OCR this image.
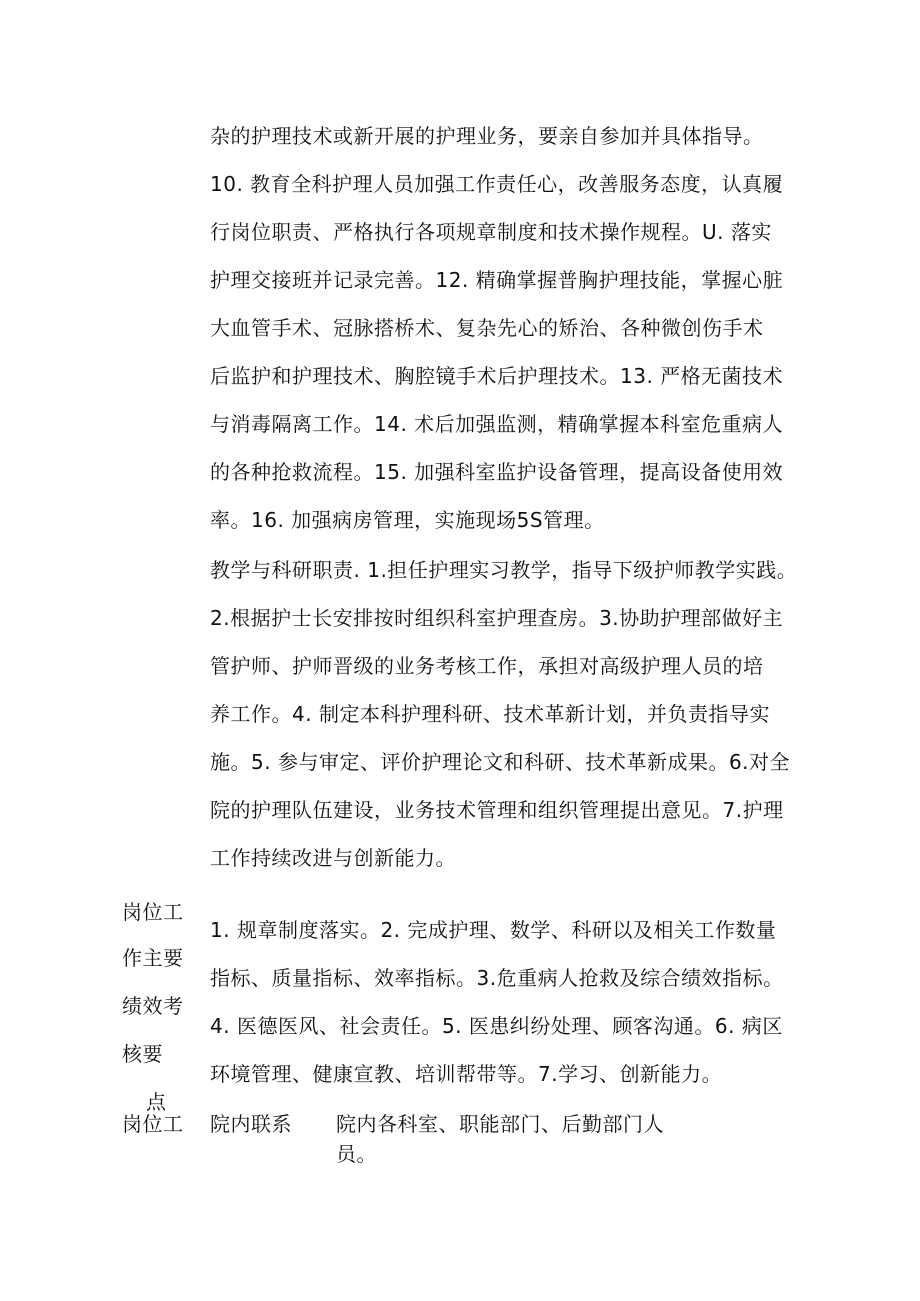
杂的护理技术或新开展的护理业务，要亲自参加并具体指导。
10. 教育全科护理人员加强工作责任心，改善服务态度，认真履
行岗位职责、严格执行各项规章制度和技术操作规程。U. 落实
护理交接班并记录完善。12. 精确掌握普胸护理技能，掌握心脏
大血管手术、冠脉搭桥术、复杂先心的矫治、各种微创伤手术
后监护和护理技术、胸腔镜手术后护理技术。13. 严格无菌技术
与消毒隔离工作。14. 术后加强监测，精确掌握本科室危重病人
的各种抢救流程。15. 加强科室监护设备管理，提高设备使用效
率。16. 加强病房管理，实施现场5S管理。
教学与科研职责. 1.担任护理实习教学，指导下级护师教学实践。
2.根据护士长安排按时组织科室护理查房。3.协助护理部做好主
管护师、护师晋级的业务考核工作，承担对高级护理人员的培
养工作。4. 制定本科护理科研、技术革新计划，并负责指导实
施。5. 参与审定、评价护理论文和科研、技术革新成果。6.对全
院的护理队伍建设，业务技术管理和组织管理提出意见。7.护理
工作持续改进与创新能力。
岗位工
作主要
绩效考
核要
点
1. 规章制度落实。2. 完成护理、数学、科研以及相关工作数量
指标、质量指标、效率指标。3.危重病人抢救及综合绩效指标。
4. 医德医风、社会责任。5. 医患纠纷处理、顾客沟通。6. 病区
环境管理、健康宣教、培训帮带等。7.学习、创新能力。
岗位工 院内联系 院内各科室、职能部门、后勤部门人
员。
